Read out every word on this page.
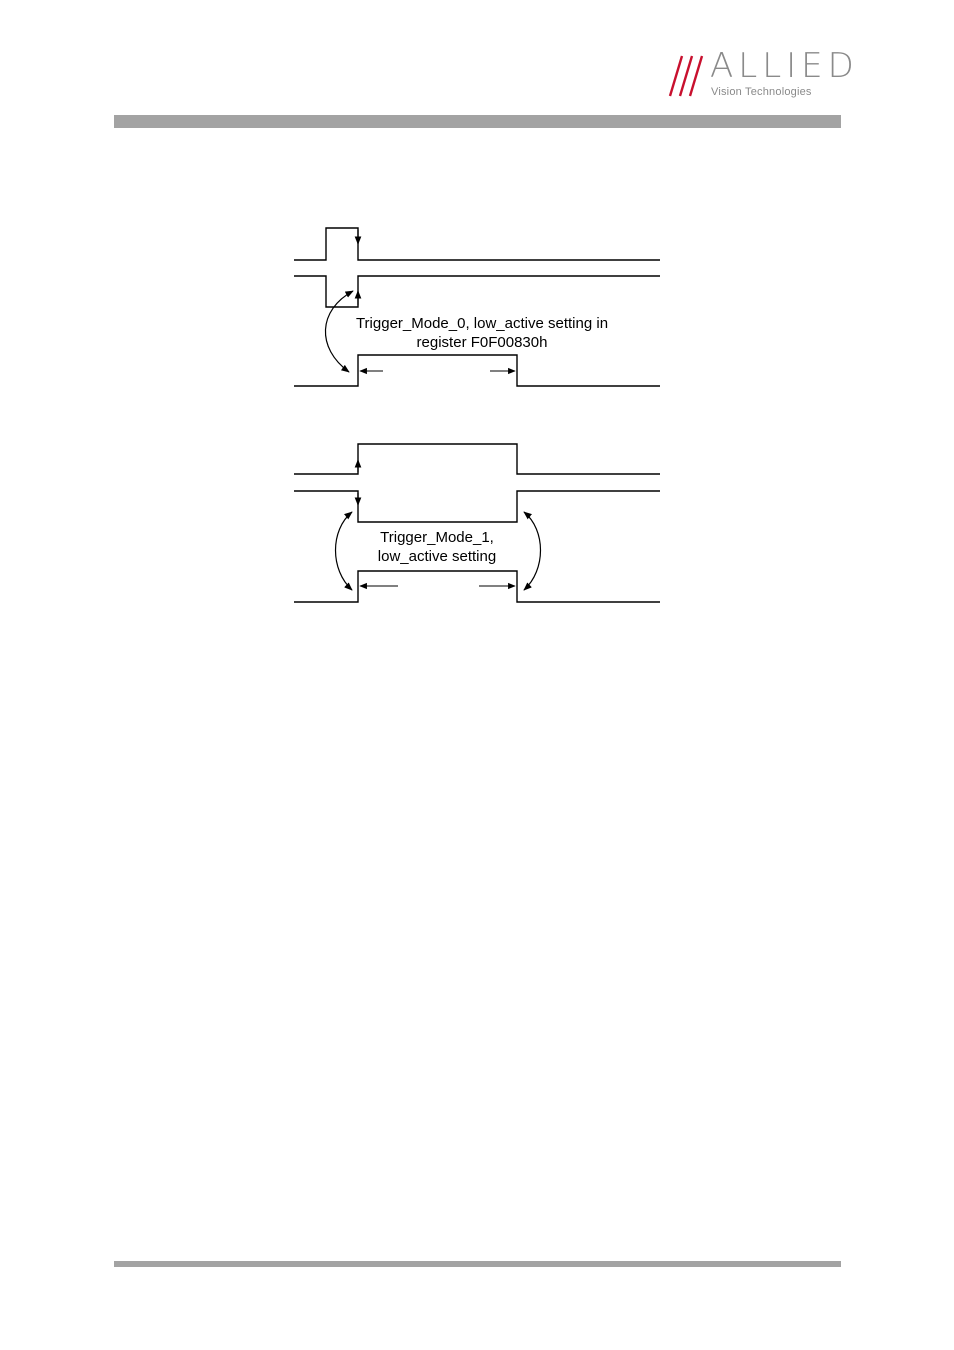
ALLIED
Vision Technologies
Trigger_Mode_0, low_active setting in
register F0F00830h
Trigger_Mode_1,
low_active setting
